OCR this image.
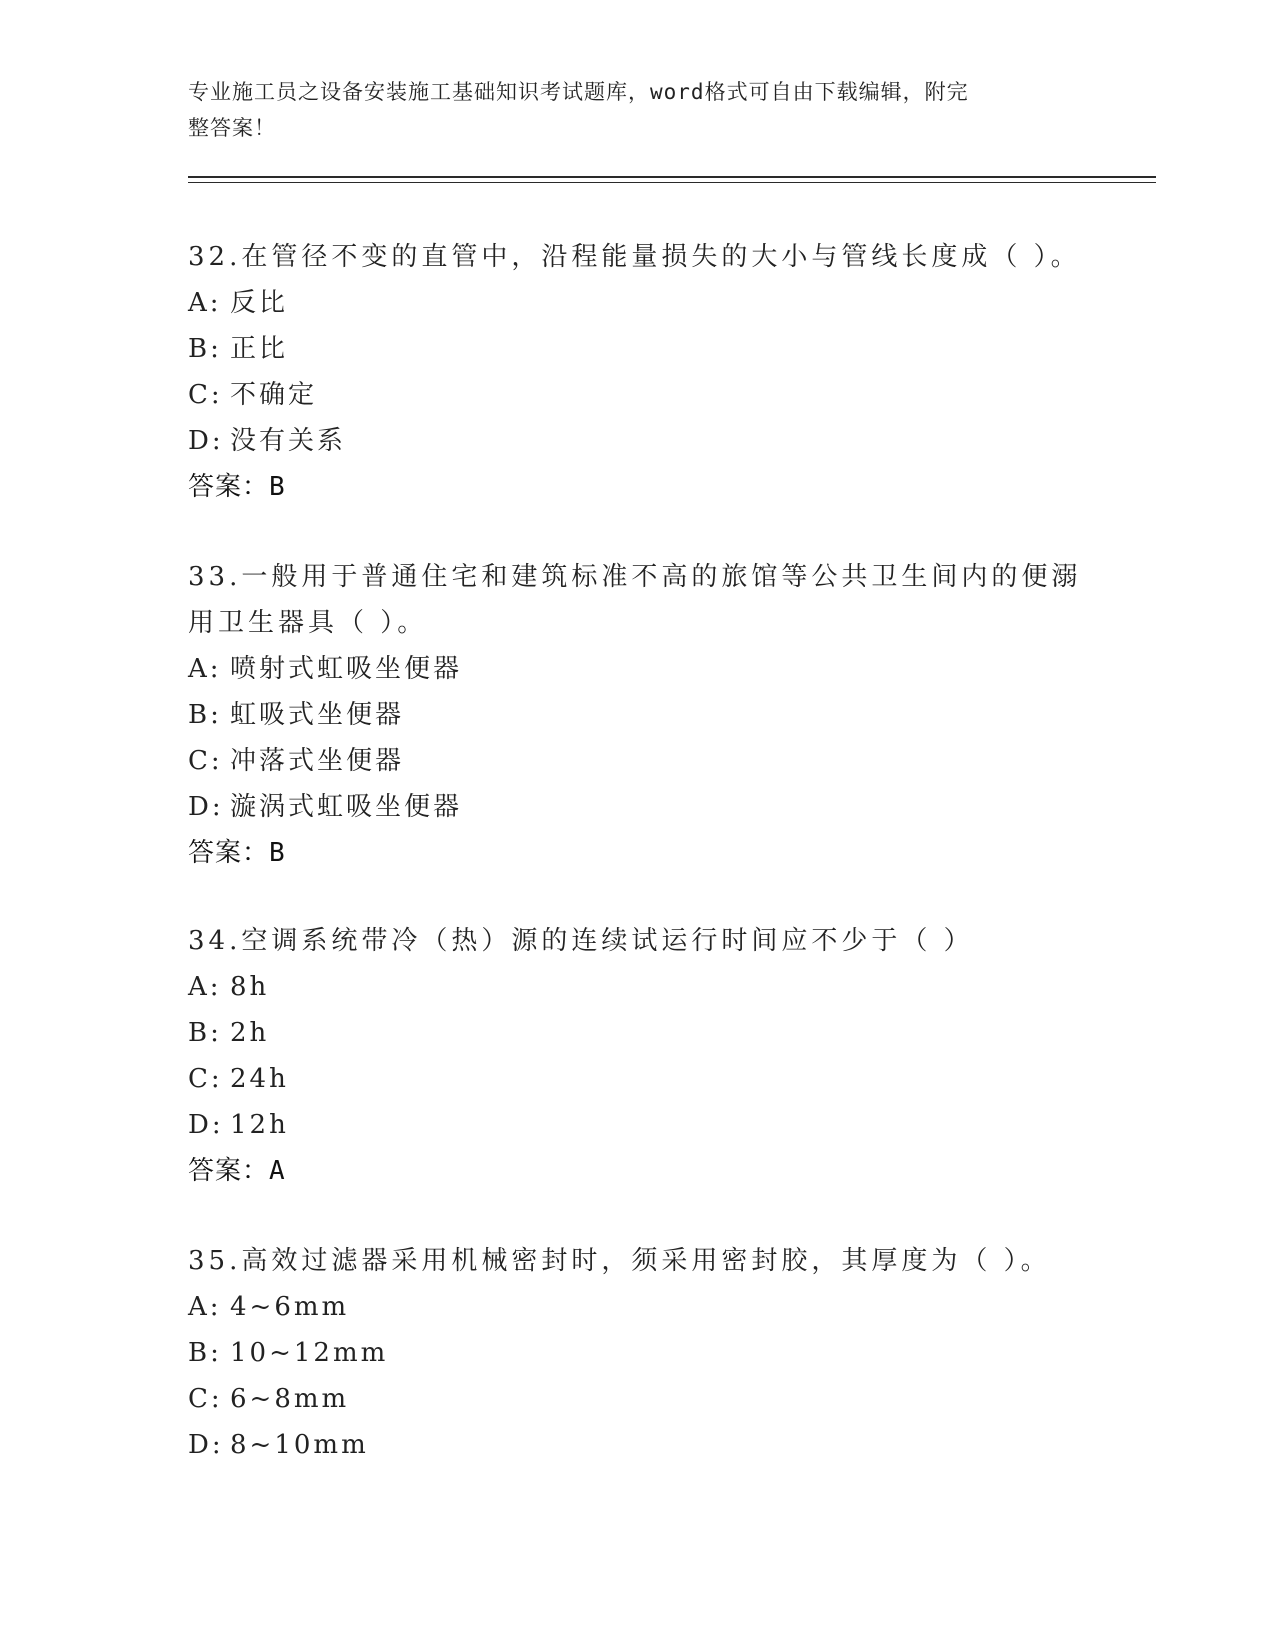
专业施工员之设备安装施工基础知识考试题库，word格式可自由下载编辑，附完
整答案！

32.在管径不变的直管中，沿程能量损失的大小与管线长度成（ ）。

A: 反比
B: 正比
C: 不确定
D: 没有关系
答案：B

33.一般用于普通住宅和建筑标准不高的旅馆等公共卫生间内的便溺用卫生器具（ ）。

A: 喷射式虹吸坐便器
B: 虹吸式坐便器
C: 冲落式坐便器
D: 漩涡式虹吸坐便器
答案：B

34.空调系统带冷（热）源的连续试运行时间应不少于（ ）

A: 8h
B: 2h
C: 24h
D: 12h
答案：A

35.高效过滤器采用机械密封时，须采用密封胶，其厚度为（ ）。

A: 4~6mm
B: 10~12mm
C: 6~8mm
D: 8~10mm
